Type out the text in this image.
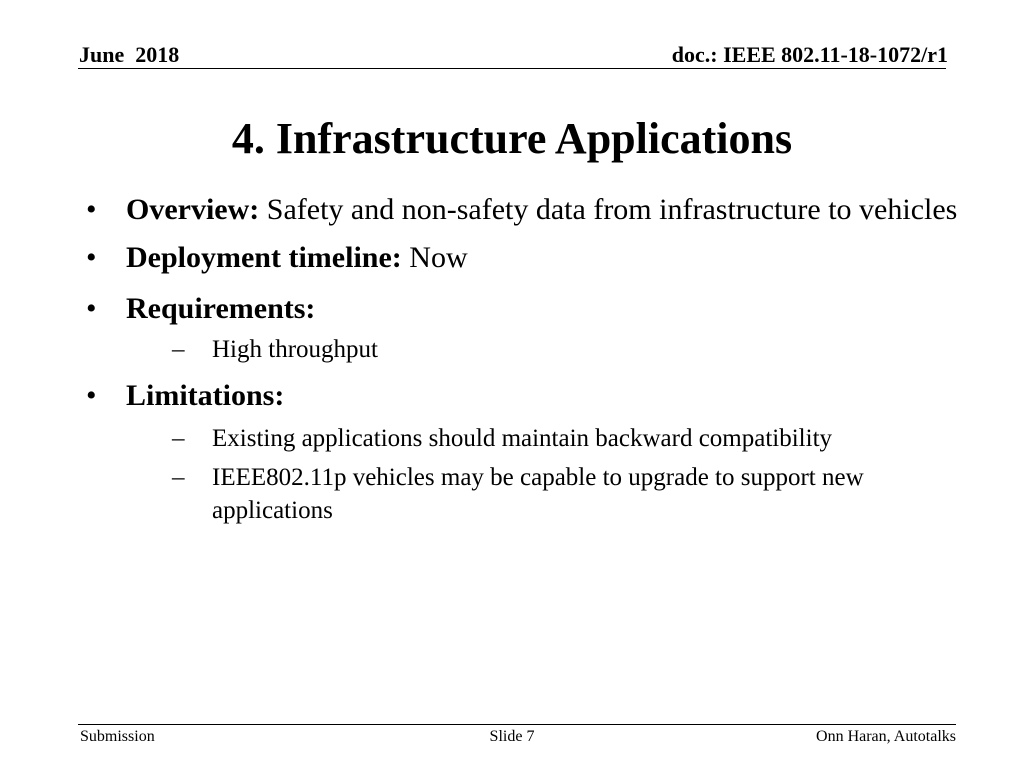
June  2018	doc.: IEEE 802.11-18-1072/r1
4. Infrastructure Applications
• Overview: Safety and non-safety data from infrastructure to vehicles
• Deployment timeline: Now
• Requirements:
– High throughput
• Limitations:
– Existing applications should maintain backward compatibility
– IEEE802.11p vehicles may be capable to upgrade to support new applications
Submission	Slide 7	Onn Haran, Autotalks
